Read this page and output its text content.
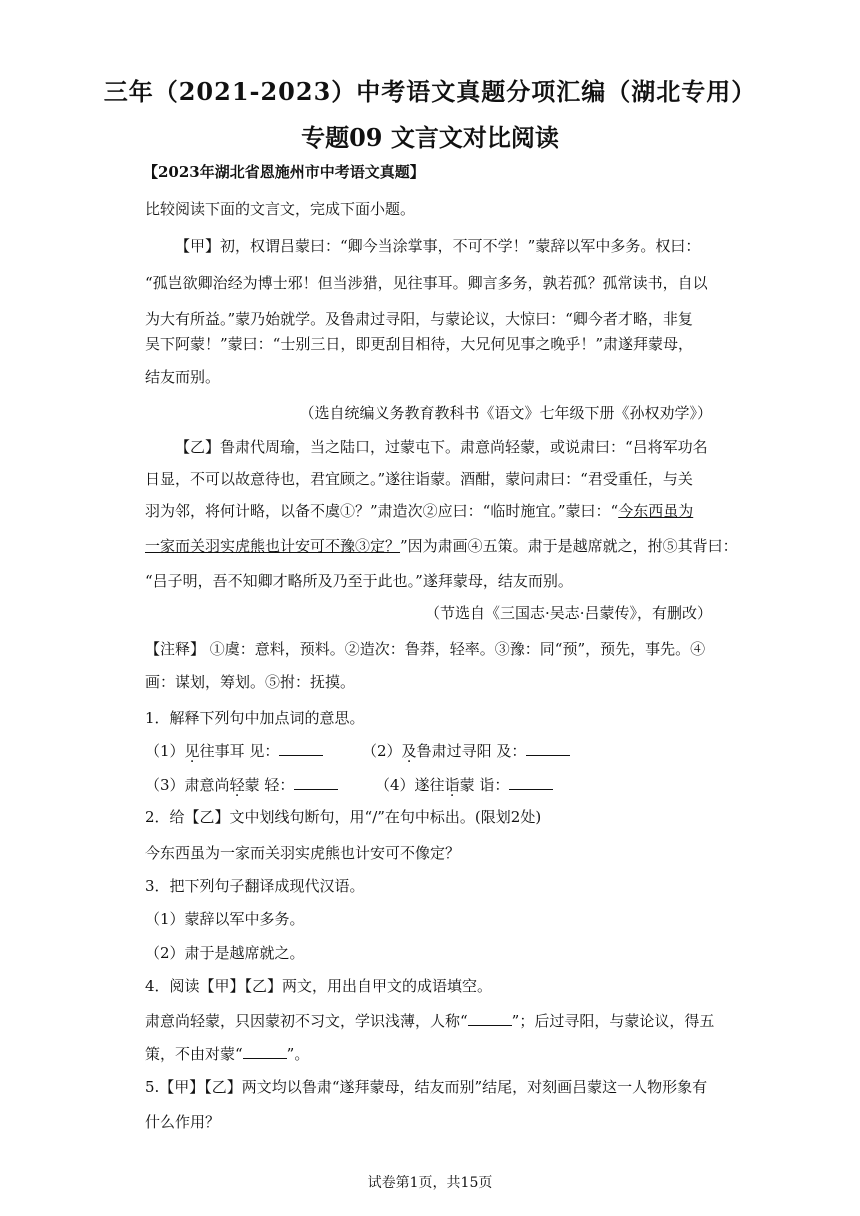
三年（2021-2023）中考语文真题分项汇编（湖北专用）
专题09 文言文对比阅读
【2023年湖北省恩施州市中考语文真题】
比较阅读下面的文言文，完成下面小题。
【甲】初，权谓吕蒙曰：“卿今当涂掌事，不可不学！”蒙辞以军中多务。权曰：
“孤岂欲卿治经为博士邪！但当涉猎，见往事耳。卿言多务，孰若孤？孤常读书，自以
为大有所益。”蒙乃始就学。及鲁肃过寻阳，与蒙论议，大惊曰：“卿今者才略，非复
吴下阿蒙！”蒙曰：“士别三日，即更刮目相待，大兄何见事之晚乎！”肃遂拜蒙母，
结友而别。
（选自统编义务教育教科书《语文》七年级下册《孙权劝学》）
【乙】鲁肃代周瑜，当之陆口，过蒙屯下。肃意尚轻蒙，或说肃曰：“吕将军功名
日显，不可以故意待也，君宜顾之。”遂往诣蒙。酒酣，蒙问肃曰：“君受重任，与关
羽为邻，将何计略，以备不虞①？”肃造次②应曰：“临时施宜。”蒙曰：“今东西虽为
一家而关羽实虎熊也计安可不豫③定？”因为肃画④五策。肃于是越席就之，拊⑤其背曰：
“吕子明，吾不知卿才略所及乃至于此也。”遂拜蒙母，结友而别。
（节选自《三国志·吴志·吕蒙传》，有删改）
【注释】 ①虞：意料，预料。②造次：鲁莽，轻率。③豫：同“预”，预先，事先。④
画：谋划，筹划。⑤拊：抚摸。
1．解释下列句中加点词的意思。
（1）见往事耳 见：	（2）及鲁肃过寻阳 及：
（3）肃意尚轻蒙 轻：	（4）遂往诣蒙 诣：
2．给【乙】文中划线句断句，用“/”在句中标出。(限划2处)
今东西虽为一家而关羽实虎熊也计安可不像定？
3．把下列句子翻译成现代汉语。
（1）蒙辞以军中多务。
（2）肃于是越席就之。
4．阅读【甲】【乙】两文，用出自甲文的成语填空。
肃意尚轻蒙，只因蒙初不习文，学识浅薄，人称“	”；后过寻阳，与蒙论议，得五
策，不由对蒙“	”。
5.【甲】【乙】两文均以鲁肃“遂拜蒙母，结友而别”结尾，对刻画吕蒙这一人物形象有
什么作用？
试卷第1页，共15页
